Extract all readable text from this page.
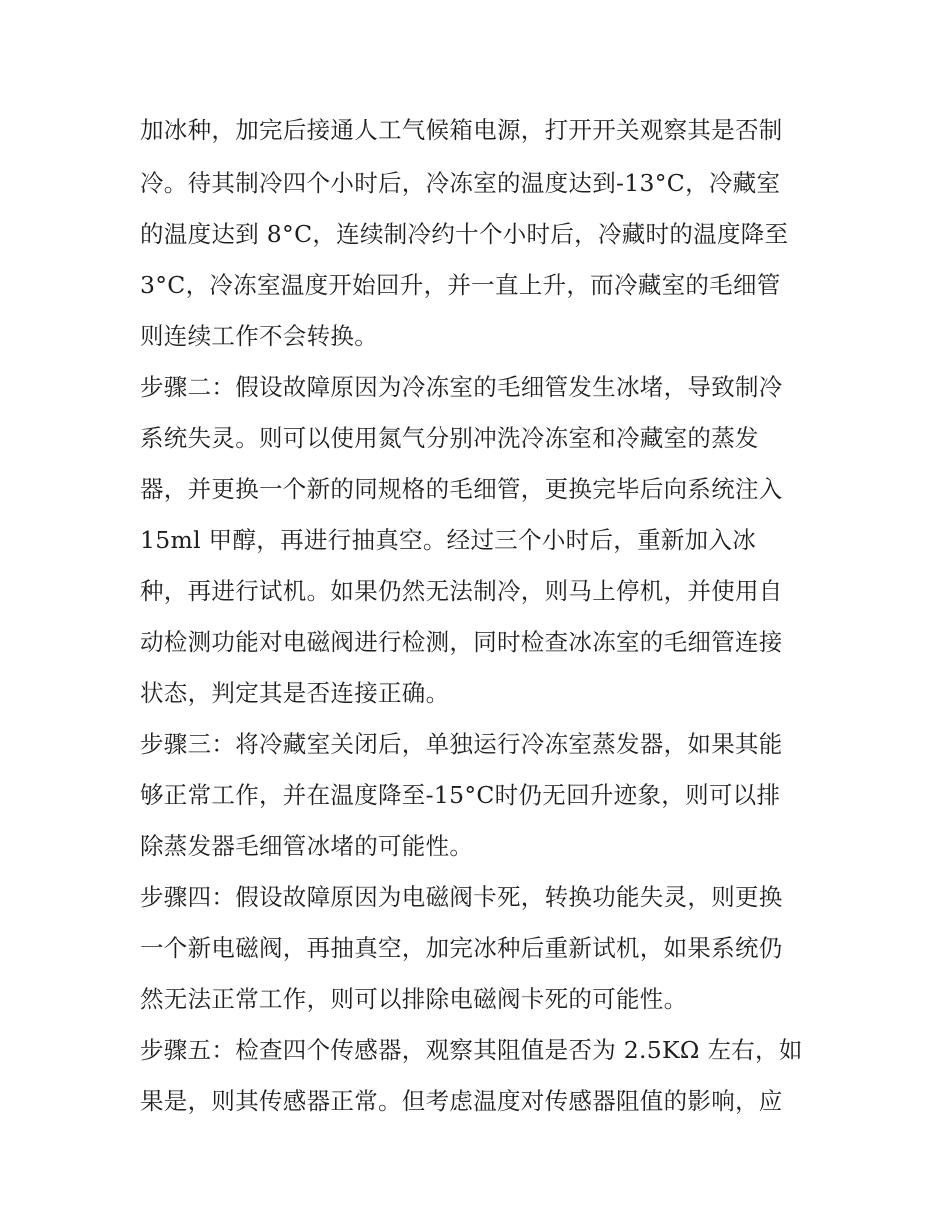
加冰种，加完后接通人工气候箱电源，打开开关观察其是否制

冷。待其制冷四个小时后，冷冻室的温度达到-13°C，冷藏室

的温度达到 8°C，连续制冷约十个小时后，冷藏时的温度降至

3°C，冷冻室温度开始回升，并一直上升，而冷藏室的毛细管

则连续工作不会转换。

步骤二：假设故障原因为冷冻室的毛细管发生冰堵，导致制冷

系统失灵。则可以使用氮气分别冲洗冷冻室和冷藏室的蒸发

器，并更换一个新的同规格的毛细管，更换完毕后向系统注入

15ml 甲醇，再进行抽真空。经过三个小时后，重新加入冰

种，再进行试机。如果仍然无法制冷，则马上停机，并使用自

动检测功能对电磁阀进行检测，同时检查冰冻室的毛细管连接

状态，判定其是否连接正确。

步骤三：将冷藏室关闭后，单独运行冷冻室蒸发器，如果其能

够正常工作，并在温度降至-15°C时仍无回升迹象，则可以排

除蒸发器毛细管冰堵的可能性。

步骤四：假设故障原因为电磁阀卡死，转换功能失灵，则更换

一个新电磁阀，再抽真空，加完冰种后重新试机，如果系统仍

然无法正常工作，则可以排除电磁阀卡死的可能性。

步骤五：检查四个传感器，观察其阻值是否为 2.5KΩ 左右，如

果是，则其传感器正常。但考虑温度对传感器阻值的影响，应
